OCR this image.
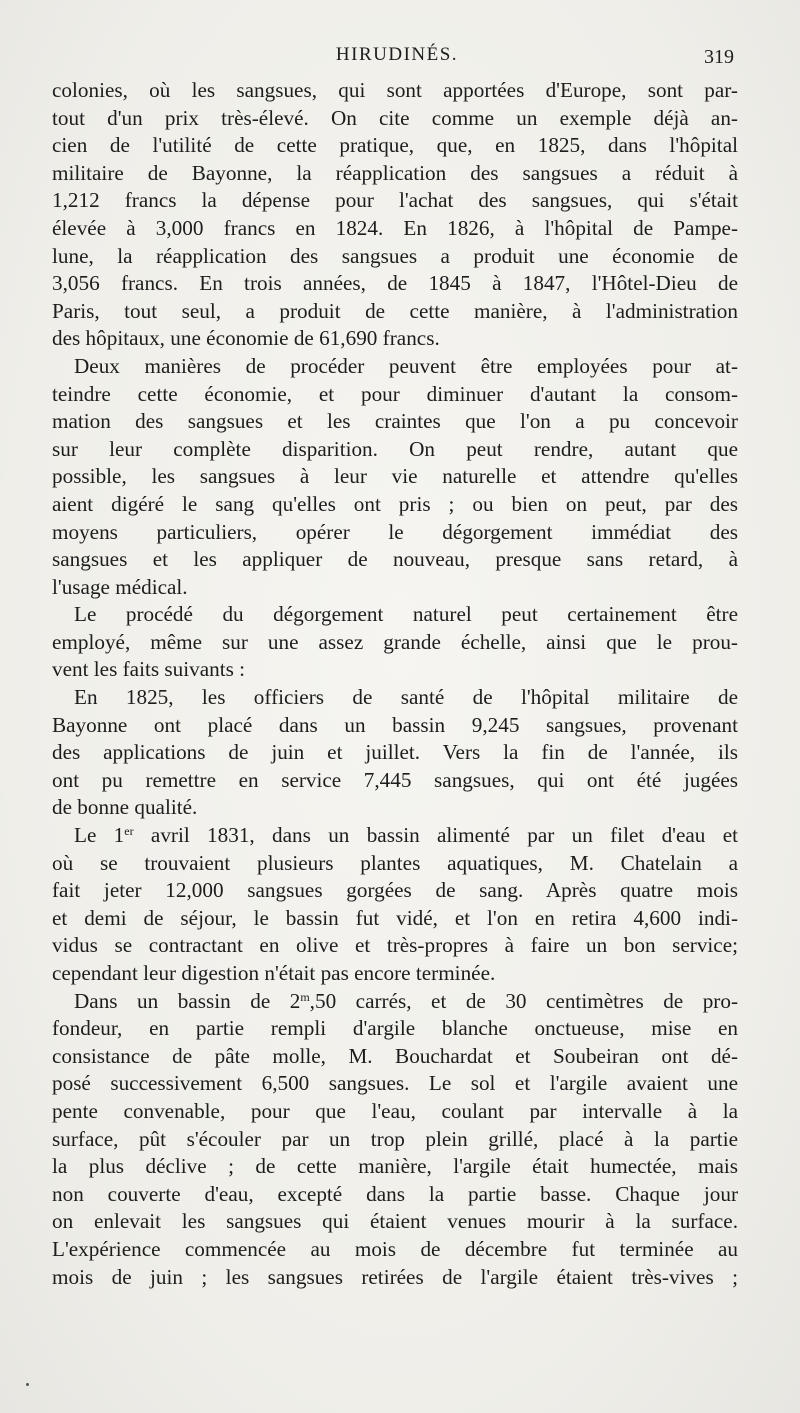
HIRUDINÉS.	319
colonies, où les sangsues, qui sont apportées d'Europe, sont par-
tout d'un prix très-élevé. On cite comme un exemple déjà an-
cien de l'utilité de cette pratique, que, en 1825, dans l'hôpital
militaire de Bayonne, la réapplication des sangsues a réduit à
1,212 francs la dépense pour l'achat des sangsues, qui s'était
élevée à 3,000 francs en 1824. En 1826, à l'hôpital de Pampe-
lune, la réapplication des sangsues a produit une économie de
3,056 francs. En trois années, de 1845 à 1847, l'Hôtel-Dieu de
Paris, tout seul, a produit de cette manière, à l'administration
des hôpitaux, une économie de 61,690 francs.
Deux manières de procéder peuvent être employées pour at-
teindre cette économie, et pour diminuer d'autant la consom-
mation des sangsues et les craintes que l'on a pu concevoir
sur leur complète disparition. On peut rendre, autant que
possible, les sangsues à leur vie naturelle et attendre qu'elles
aient digéré le sang qu'elles ont pris ; ou bien on peut, par des
moyens particuliers, opérer le dégorgement immédiat des
sangsues et les appliquer de nouveau, presque sans retard, à
l'usage médical.
Le procédé du dégorgement naturel peut certainement être
employé, même sur une assez grande échelle, ainsi que le prou-
vent les faits suivants :
En 1825, les officiers de santé de l'hôpital militaire de
Bayonne ont placé dans un bassin 9,245 sangsues, provenant
des applications de juin et juillet. Vers la fin de l'année, ils
ont pu remettre en service 7,445 sangsues, qui ont été jugées
de bonne qualité.
Le 1er avril 1831, dans un bassin alimenté par un filet d'eau et
où se trouvaient plusieurs plantes aquatiques, M. Chatelain a
fait jeter 12,000 sangsues gorgées de sang. Après quatre mois
et demi de séjour, le bassin fut vidé, et l'on en retira 4,600 indi-
vidus se contractant en olive et très-propres à faire un bon service;
cependant leur digestion n'était pas encore terminée.
Dans un bassin de 2$^m$,50 carrés, et de 30 centimètres de pro-
fondeur, en partie rempli d'argile blanche onctueuse, mise en
consistance de pâte molle, M. Bouchardat et Soubeiran ont dé-
posé successivement 6,500 sangsues. Le sol et l'argile avaient une
pente convenable, pour que l'eau, coulant par intervalle à la
surface, pût s'écouler par un trop plein grillé, placé à la partie
la plus déclive ; de cette manière, l'argile était humectée, mais
non couverte d'eau, excepté dans la partie basse. Chaque jour
on enlevait les sangsues qui étaient venues mourir à la surface.
L'expérience commencée au mois de décembre fut terminée au
mois de juin ; les sangsues retirées de l'argile étaient très-vives ;
